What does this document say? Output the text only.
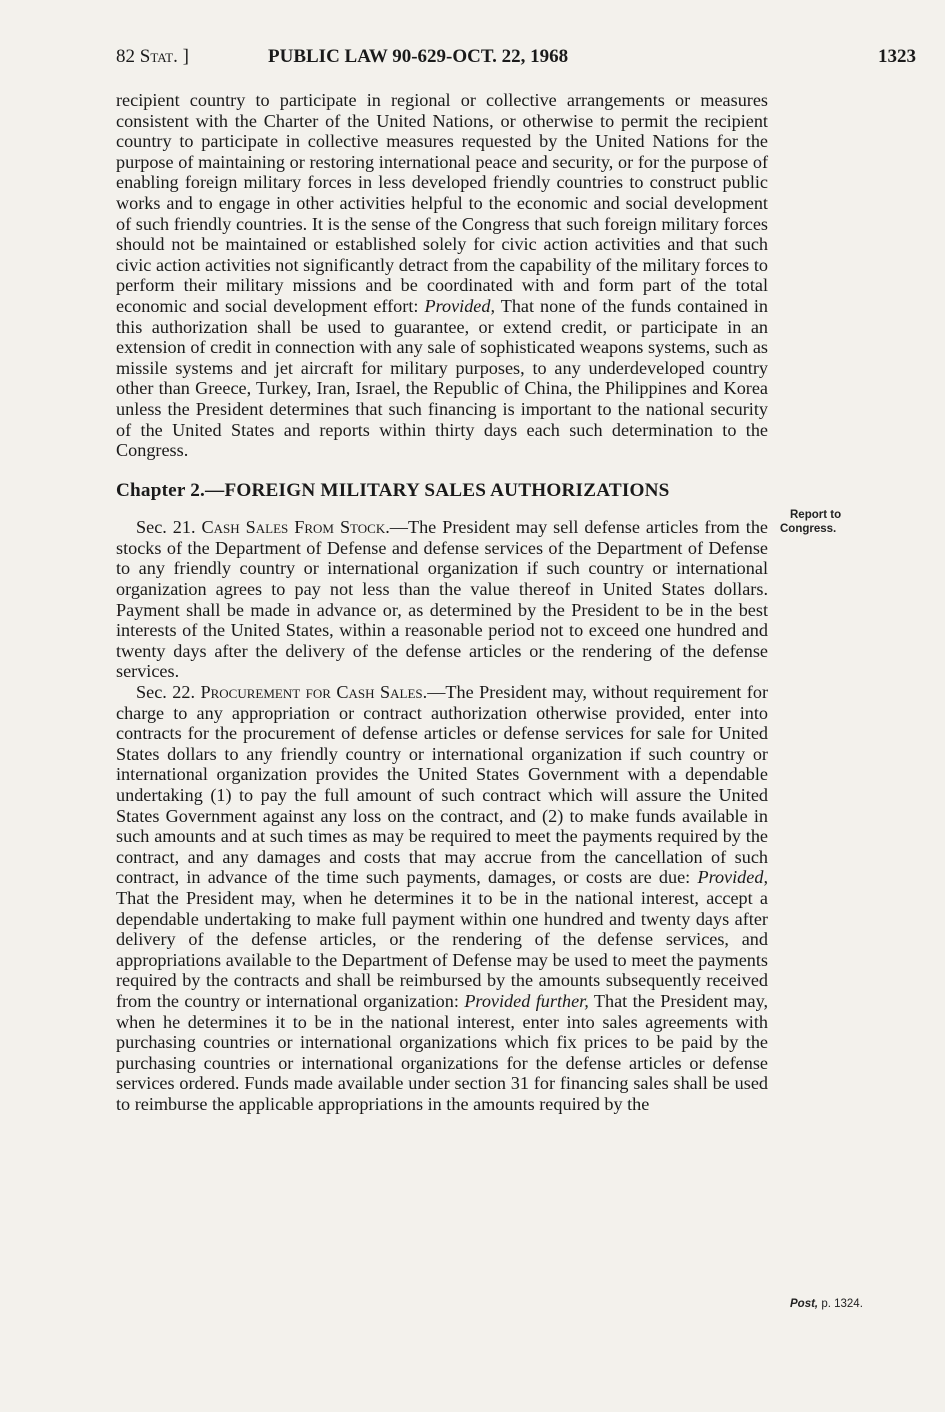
82 Stat. ]	PUBLIC LAW 90-629-OCT. 22, 1968	1323

recipient country to participate in regional or collective arrangements or measures consistent with the Charter of the United Nations, or otherwise to permit the recipient country to participate in collective measures requested by the United Nations for the purpose of maintaining or restoring international peace and security, or for the purpose of enabling foreign military forces in less developed friendly countries to construct public works and to engage in other activities helpful to the economic and social development of such friendly countries. It is the sense of the Congress that such foreign military forces should not be maintained or established solely for civic action activities and that such civic action activities not significantly detract from the capability of the military forces to perform their military missions and be coordinated with and form part of the total economic and social development effort: Provided, That none of the funds contained in this authorization shall be used to guarantee, or extend credit, or participate in an extension of credit in connection with any sale of sophisticated weapons systems, such as missile systems and jet aircraft for military purposes, to any underdeveloped country other than Greece, Turkey, Iran, Israel, the Republic of China, the Philippines and Korea unless the President determines that such financing is important to the national security of the United States and reports within thirty days each such determination to the Congress.

Chapter 2.—FOREIGN MILITARY SALES AUTHORIZATIONS

Sec. 21. Cash Sales From Stock.—The President may sell defense articles from the stocks of the Department of Defense and defense services of the Department of Defense to any friendly country or international organization if such country or international organization agrees to pay not less than the value thereof in United States dollars. Payment shall be made in advance or, as determined by the President to be in the best interests of the United States, within a reasonable period not to exceed one hundred and twenty days after the delivery of the defense articles or the rendering of the defense services.

Sec. 22. Procurement for Cash Sales.—The President may, without requirement for charge to any appropriation or contract authorization otherwise provided, enter into contracts for the procurement of defense articles or defense services for sale for United States dollars to any friendly country or international organization if such country or international organization provides the United States Government with a dependable undertaking (1) to pay the full amount of such contract which will assure the United States Government against any loss on the contract, and (2) to make funds available in such amounts and at such times as may be required to meet the payments required by the contract, and any damages and costs that may accrue from the cancellation of such contract, in advance of the time such payments, damages, or costs are due: Provided, That the President may, when he determines it to be in the national interest, accept a dependable undertaking to make full payment within one hundred and twenty days after delivery of the defense articles, or the rendering of the defense services, and appropriations available to the Department of Defense may be used to meet the payments required by the contracts and shall be reimbursed by the amounts subsequently received from the country or international organization: Provided further, That the President may, when he determines it to be in the national interest, enter into sales agreements with purchasing countries or international organizations which fix prices to be paid by the purchasing countries or international organizations for the defense articles or defense services ordered. Funds made available under section 31 for financing sales shall be used to reimburse the applicable appropriations in the amounts required by the

Report to
Congress.
Post, p. 1324.
